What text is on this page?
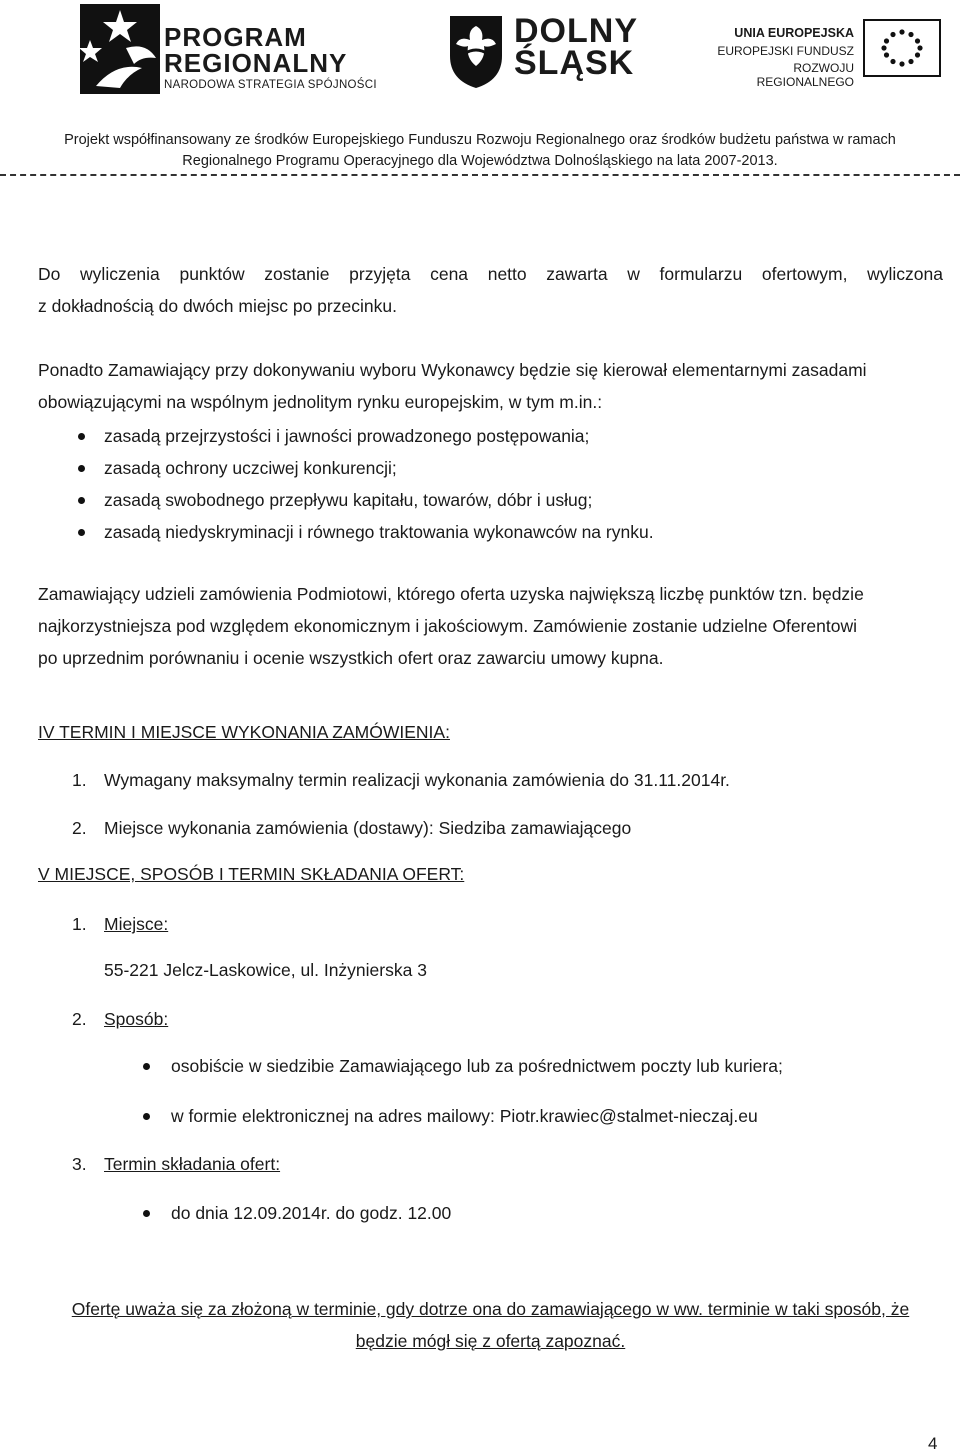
PROGRAM
REGIONALNY
NARODOWA STRATEGIA SPÓJNOŚCI
DOLNY
ŚLĄSK
UNIA EUROPEJSKA
EUROPEJSKI FUNDUSZ
ROZWOJU REGIONALNEGO
Projekt współfinansowany ze środków Europejskiego Funduszu Rozwoju Regionalnego oraz środków budżetu państwa w ramach
Regionalnego Programu Operacyjnego dla Województwa Dolnośląskiego na lata 2007-2013.
Do wyliczenia punktów zostanie przyjęta cena netto zawarta w formularzu ofertowym, wyliczona
z dokładnością do dwóch miejsc po przecinku.
Ponadto Zamawiający przy dokonywaniu wyboru Wykonawcy będzie się kierował elementarnymi zasadami
obowiązującymi na wspólnym jednolitym rynku europejskim, w tym m.in.:
zasadą przejrzystości i jawności prowadzonego postępowania;
zasadą ochrony uczciwej konkurencji;
zasadą swobodnego przepływu kapitału, towarów, dóbr i usług;
zasadą niedyskryminacji i równego traktowania wykonawców na rynku.
Zamawiający udzieli zamówienia Podmiotowi, którego oferta uzyska największą liczbę punktów tzn. będzie
najkorzystniejsza pod względem ekonomicznym i jakościowym. Zamówienie zostanie udzielne Oferentowi
po uprzednim porównaniu i ocenie wszystkich ofert oraz zawarciu umowy kupna.
IV TERMIN I MIEJSCE WYKONANIA ZAMÓWIENIA:
1. Wymagany maksymalny termin realizacji wykonania zamówienia do 31.11.2014r.
2. Miejsce wykonania zamówienia (dostawy): Siedziba zamawiającego
V MIEJSCE, SPOSÓB I TERMIN SKŁADANIA OFERT:
1. Miejsce:
55-221 Jelcz-Laskowice, ul. Inżynierska 3
2. Sposób:
osobiście w siedzibie Zamawiającego lub za pośrednictwem poczty lub kuriera;
w formie elektronicznej na adres mailowy: Piotr.krawiec@stalmet-nieczaj.eu
3. Termin składania ofert:
do dnia 12.09.2014r. do godz. 12.00
Ofertę uważa się za złożoną w terminie, gdy dotrze ona do zamawiającego w ww. terminie w taki sposób, że
będzie mógł się z ofertą zapoznać.
4
